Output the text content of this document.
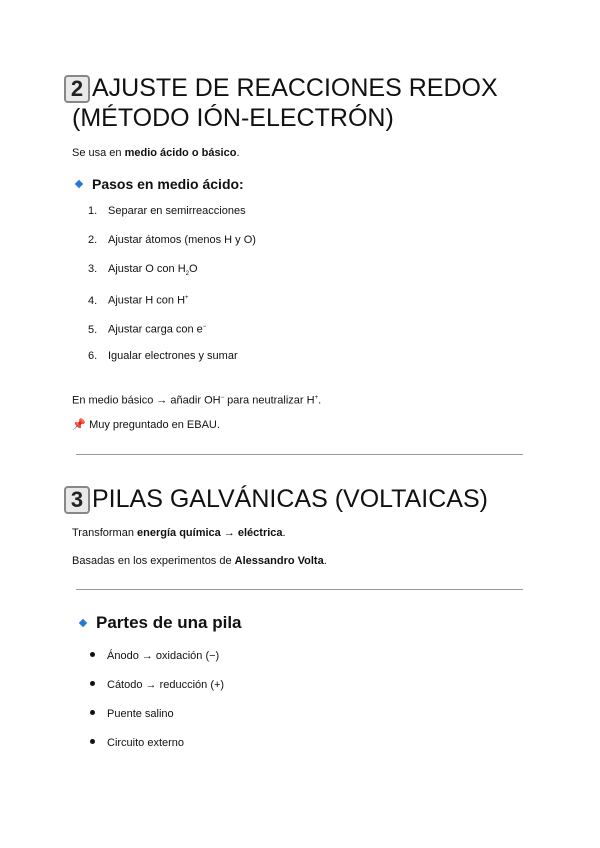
2 AJUSTE DE REACCIONES REDOX
(MÉTODO IÓN-ELECTRÓN)
Se usa en medio ácido o básico.
Pasos en medio ácido:
1. Separar en semirreacciones
2. Ajustar átomos (menos H y O)
3. Ajustar O con $H_2O$
4. Ajustar H con H+
5. Ajustar carga con e−
6. Igualar electrones y sumar
En medio básico → añadir OH− para neutralizar H+.
📌 Muy preguntado en EBAU.
3 PILAS GALVÁNICAS (VOLTAICAS)
Transforman energía química → eléctrica.
Basadas en los experimentos de Alessandro Volta.
Partes de una pila
Ánodo → oxidación (−)
Cátodo → reducción (+)
Puente salino
Circuito externo
